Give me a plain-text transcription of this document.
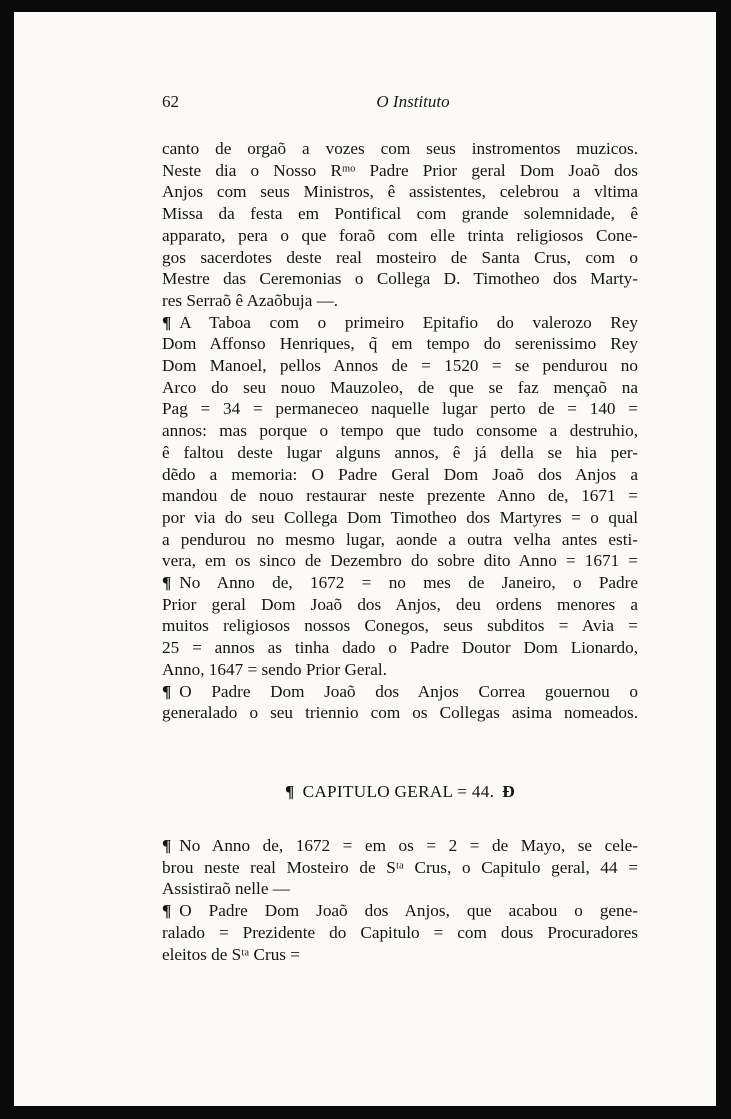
62	O Instituto

canto de orgaõ a vozes com seus instromentos muzicos.
Neste dia o Nosso Rᵐᵒ Padre Prior geral Dom Joaõ dos
Anjos com seus Ministros, ê assistentes, celebrou a vltima
Missa da festa em Pontifical com grande solemnidade, ê
apparato, pera o que foraõ com elle trinta religiosos Cone-
gos sacerdotes deste real mosteiro de Santa Crus, com o
Mestre das Ceremonias o Collega D. Timotheo dos Marty-
res Serraõ ê Azaõbuja —.

¶ A Taboa com o primeiro Epitafio do valerozo Rey
Dom Affonso Henriques, q̃ em tempo do serenissimo Rey
Dom Manoel, pellos Annos de = 1520 = se pendurou no
Arco do seu nouo Mauzoleo, de que se faz mençaõ na
Pag = 34 = permaneceo naquelle lugar perto de = 140 =
annos: mas porque o tempo que tudo consome a destruhio,
ê faltou deste lugar alguns annos, ê já della se hia per-
dẽdo a memoria: O Padre Geral Dom Joaõ dos Anjos a
mandou de nouo restaurar neste prezente Anno de, 1671 =
por via do seu Collega Dom Timotheo dos Martyres = o qual
a pendurou no mesmo lugar, aonde a outra velha antes esti-
vera, em os sinco de Dezembro do sobre dito Anno = 1671 =

¶ No Anno de, 1672 = no mes de Janeiro, o Padre
Prior geral Dom Joaõ dos Anjos, deu ordens menores a
muitos religiosos nossos Conegos, seus subditos = Avia =
25 = annos as tinha dado o Padre Doutor Dom Lionardo,
Anno, 1647 = sendo Prior Geral.

¶ O Padre Dom Joaõ dos Anjos Correa gouernou o
generalado o seu triennio com os Collegas asima nomeados.

¶ CAPITULO GERAL = 44. Ɖ

¶ No Anno de, 1672 = em os = 2 = de Mayo, se cele-
brou neste real Mosteiro de Sᵗᵃ Crus, o Capitulo geral, 44 =
Assistiraõ nelle —

¶ O Padre Dom Joaõ dos Anjos, que acabou o gene-
ralado = Prezidente do Capitulo = com dous Procuradores
eleitos de Sᵗᵃ Crus =
